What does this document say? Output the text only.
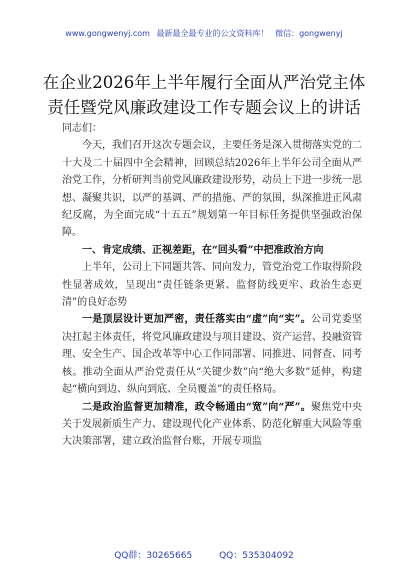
www.gongwenyj.com 最新最全最专业的公文资料库！ 微信：gongwenyj
在企业2026年上半年履行全面从严治党主体
责任暨党风廉政建设工作专题会议上的讲话

同志们：

今天，我们召开这次专题会议，主要任务是深入贯彻落实党的二十大及二十届四中全会精神，回顾总结2026年上半年公司全面从严治党工作，分析研判当前党风廉政建设形势，动员上下进一步统一思想、凝聚共识，以严的基调、严的措施、严的氛围，纵深推进正风肃纪反腐，为全面完成“十五五”规划第一年目标任务提供坚强政治保障。

一、肯定成绩、正视差距，在“回头看”中把准政治方向

上半年，公司上下同题共答、同向发力，管党治党工作取得阶段性显著成效，呈现出“责任链条更紧、监督防线更牢、政治生态更清”的良好态势

一是顶层设计更加严密，责任落实由“虚”向“实”。公司党委坚决扛起主体责任，将党风廉政建设与项目建设、资产运营、投融资管理、安全生产、国企改革等中心工作同部署、同推进、同督查、同考核。推动全面从严治党责任从“关键少数”向“绝大多数”延伸，构建起“横向到边、纵向到底、全员覆盖”的责任格局。

二是政治监督更加精准，政令畅通由“宽”向“严”。聚焦党中央关于发展新质生产力、建设现代化产业体系、防范化解重大风险等重大决策部署，建立政治监督台账，开展专项监

QQ群：30265665	QQ：535304092
